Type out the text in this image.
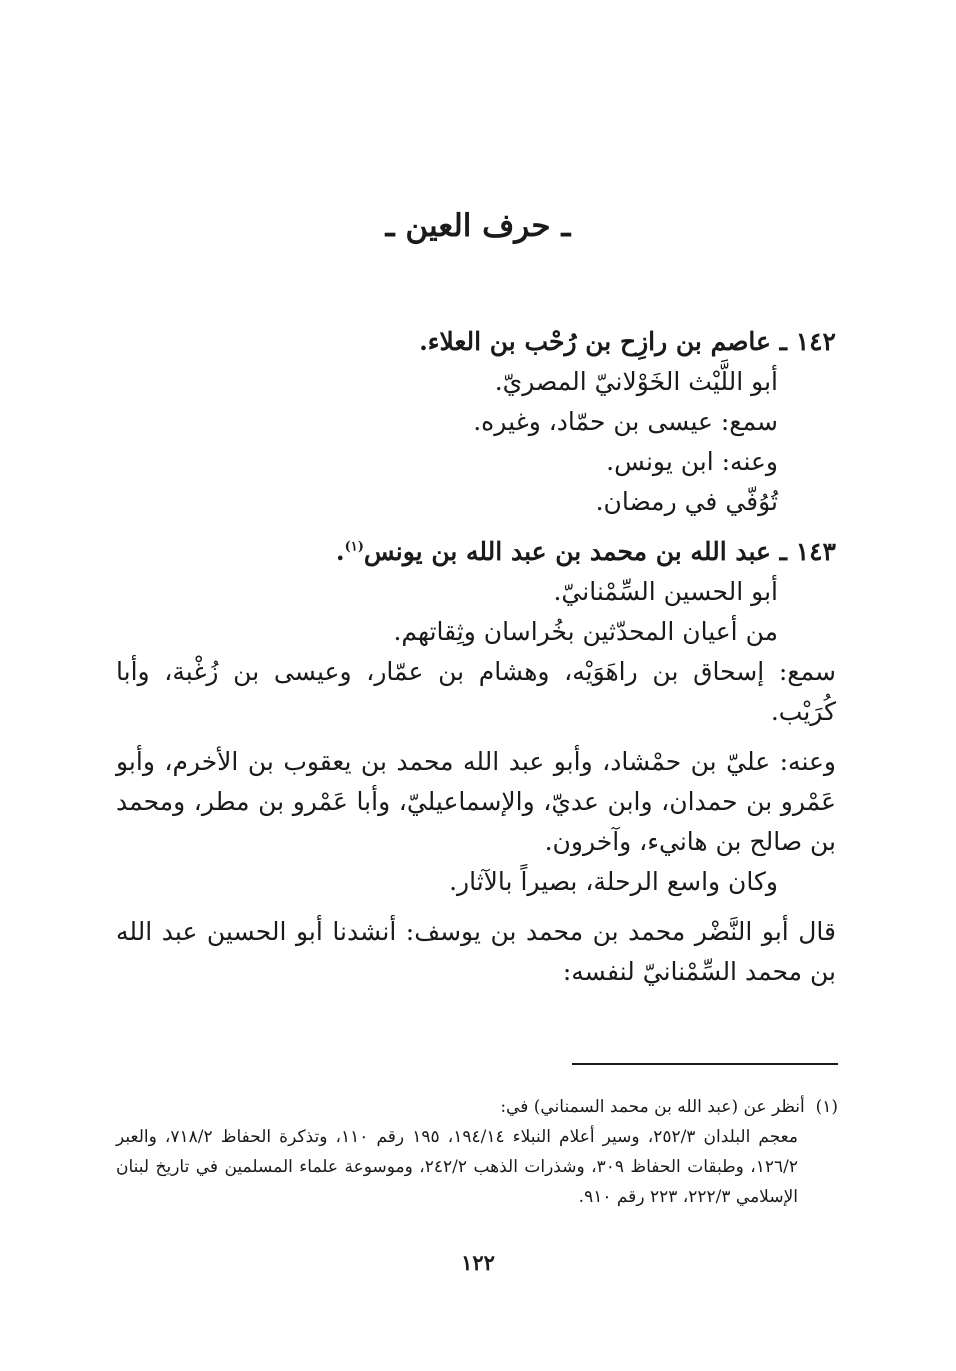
ـ حرف العين ـ
١٤٢ ـ عاصم بن رازِح بن رُحْب بن العلاء.
أبو اللَّيْث الخَوْلانيّ المصريّ.
سمع: عيسى بن حمّاد، وغيره.
وعنه: ابن يونس.
تُوُفّي في رمضان.
١٤٣ ـ عبد الله بن محمد بن عبد الله بن يونس$^{(١)}$.
أبو الحسين السِّمْنانيّ.
من أعيان المحدّثين بخُراسان وثِقاتهم.
سمع: إسحاق بن راهَوَيْه، وهشام بن عمّار، وعيسى بن زُغْبة، وأبا كُرَيْب.
وعنه: عليّ بن حمْشاد، وأبو عبد الله محمد بن يعقوب بن الأخرم، وأبو عَمْرو بن حمدان، وابن عديّ، والإسماعيليّ، وأبا عَمْرو بن مطر، ومحمد بن صالح بن هانيء، وآخرون.
وكان واسع الرحلة، بصيراً بالآثار.
قال أبو النَّضْر محمد بن محمد بن يوسف: أنشدنا أبو الحسين عبد الله بن محمد السِّمْنانيّ لنفسه:
(١)  أنظر عن (عبد الله بن محمد السمناني) في:
معجم البلدان ٢٥٢/٣، وسير أعلام النبلاء ١٩٤/١٤، ١٩٥ رقم ١١٠، وتذكرة الحفاظ ٧١٨/٢، والعبر ١٢٦/٢، وطبقات الحفاظ ٣٠٩، وشذرات الذهب ٢٤٢/٢، وموسوعة علماء المسلمين في تاريخ لبنان الإسلامي ٢٢٢/٣، ٢٢٣ رقم ٩١٠.
١٢٢
